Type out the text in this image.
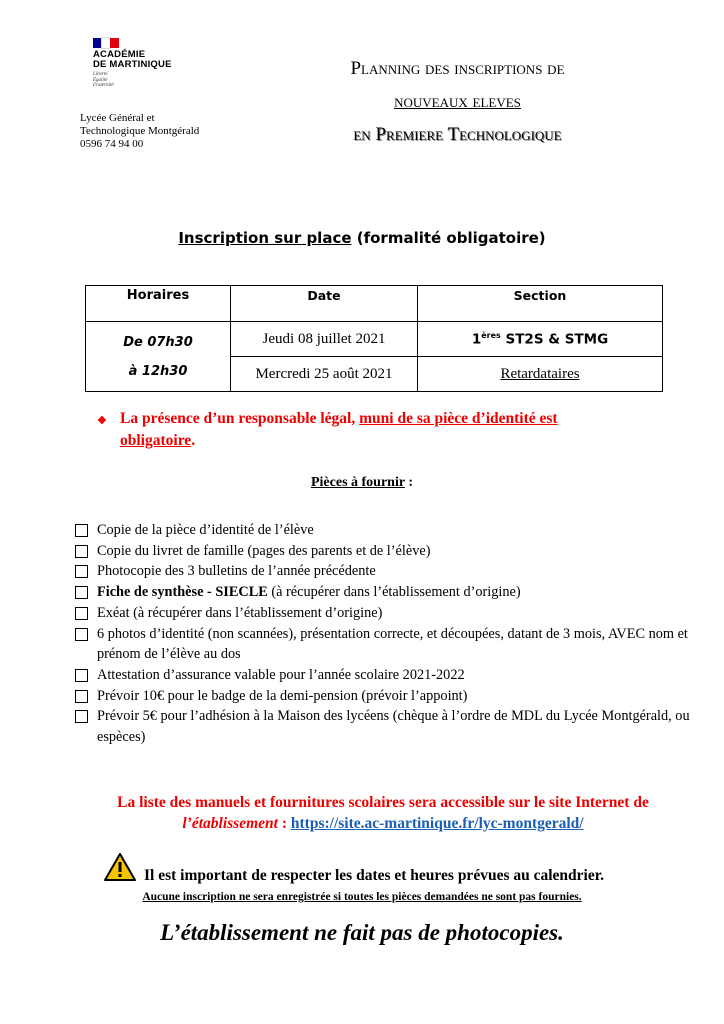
ACADÉMIE
DE MARTINIQUE
Liberté
Égalité
Fraternité
Lycée Général et
Technologique Montgérald
0596 74 94 00
Planning des inscriptions de
nouveaux eleves
en Premiere Technologique
Inscription sur place (formalité obligatoire)
Horaires	Date	Section

De 07h30
à 12h30	Jeudi 08 juillet 2021	1ères ST2S & STMG
	Mercredi 25 août 2021	Retardataires
❖ La présence d’un responsable légal, muni de sa pièce d’identité est obligatoire.
Pièces à fournir :
Copie de la pièce d’identité de l’élève
Copie du livret de famille (pages des parents et de l’élève)
Photocopie des 3 bulletins de l’année précédente
Fiche de synthèse - SIECLE (à récupérer dans l’établissement d’origine)
Exéat (à récupérer dans l’établissement d’origine)
6 photos d’identité (non scannées), présentation correcte, et découpées, datant de 3 mois, AVEC nom et prénom de l’élève au dos
Attestation d’assurance valable pour l’année scolaire 2021-2022
Prévoir 10€ pour le badge de la demi-pension (prévoir l’appoint)
Prévoir 5€ pour l’adhésion à la Maison des lycéens (chèque à l’ordre de MDL du Lycée Montgérald, ou espèces)
La liste des manuels et fournitures scolaires sera accessible sur le site Internet de l’établissement : https://site.ac-martinique.fr/lyc-montgerald/
Il est important de respecter les dates et heures prévues au calendrier.
Aucune inscription ne sera enregistrée si toutes les pièces demandées ne sont pas fournies.
L’établissement ne fait pas de photocopies.
